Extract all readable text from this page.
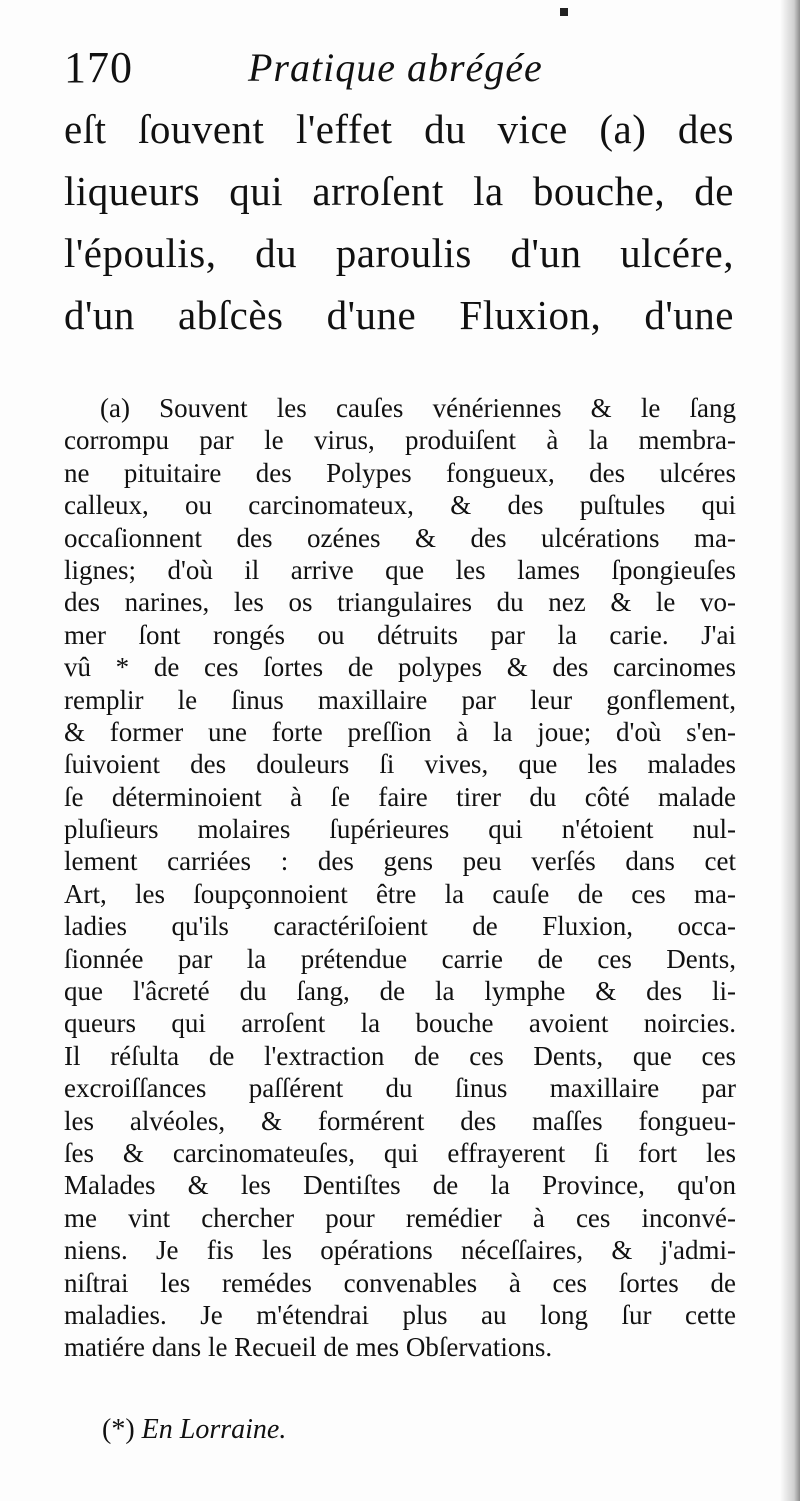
170	Pratique abrégée
eſt ſouvent l'effet du vice (a) des
liqueurs qui arroſent la bouche, de
l'époulis, du paroulis d'un ulcére,
d'un abſcès d'une Fluxion, d'une
(a) Souvent les cauſes vénériennes & le ſang
corrompu par le virus, produiſent à la membra-
ne pituitaire des Polypes fongueux, des ulcéres
calleux, ou carcinomateux, & des puſtules qui
occaſionnent des ozénes & des ulcérations ma-
lignes; d'où il arrive que les lames ſpongieuſes
des narines, les os triangulaires du nez & le vo-
mer ſont rongés ou détruits par la carie. J'ai
vû * de ces ſortes de polypes & des carcinomes
remplir le ſinus maxillaire par leur gonflement,
& former une forte preſſion à la joue; d'où s'en-
ſuivoient des douleurs ſi vives, que les malades
ſe déterminoient à ſe faire tirer du côté malade
pluſieurs molaires ſupérieures qui n'étoient nul-
lement carriées : des gens peu verſés dans cet
Art, les ſoupçonnoient être la cauſe de ces ma-
ladies qu'ils caractériſoient de Fluxion, occa-
ſionnée par la prétendue carrie de ces Dents,
que l'âcreté du ſang, de la lymphe & des li-
queurs qui arroſent la bouche avoient noircies.
Il réſulta de l'extraction de ces Dents, que ces
excroiſſances paſſérent du ſinus maxillaire par
les alvéoles, & formérent des maſſes fongueu-
ſes & carcinomateuſes, qui effrayerent ſi fort les
Malades & les Dentiſtes de la Province, qu'on
me vint chercher pour remédier à ces inconvé-
niens. Je fis les opérations néceſſaires, & j'admi-
niſtrai les remédes convenables à ces ſortes de
maladies. Je m'étendrai plus au long ſur cette
matiére dans le Recueil de mes Obſervations.
(*) En Lorraine.
